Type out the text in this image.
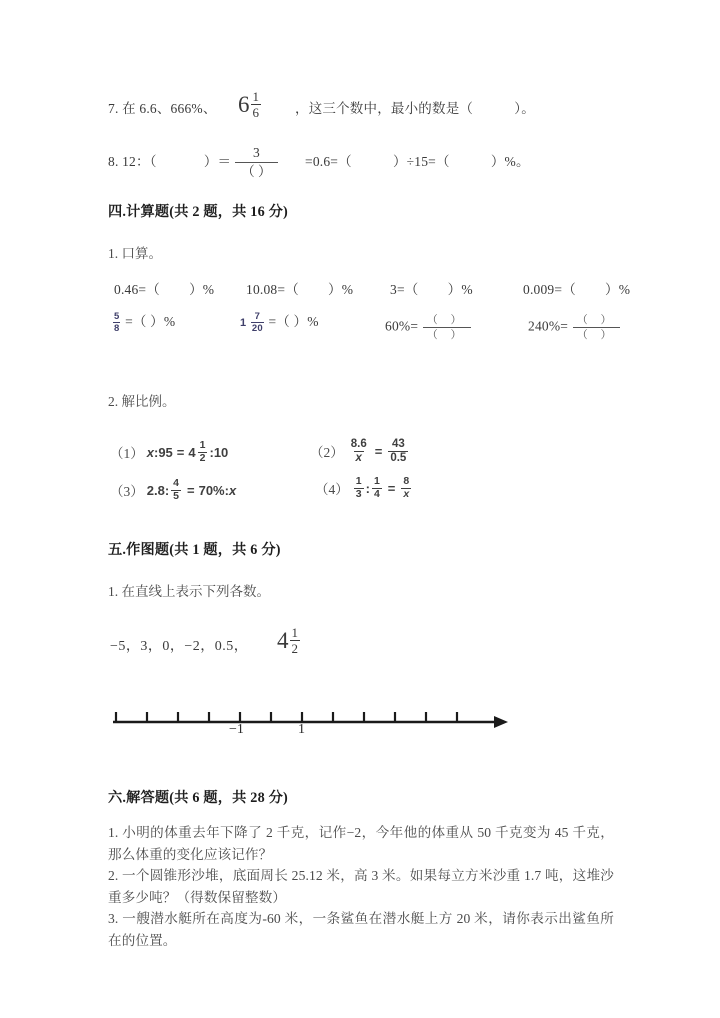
7. 在 6.6、666%、 $6 \frac{1}{6}$	，这三个数中，最小的数是（	）。
8. 12：（	）＝
3
（ ）
=0.6=（	）÷15=（	）%。
四.计算题(共 2 题，共 16 分)
1. 口算。
0.46=（ ）% 10.08=（ ）%	3=（ ）%	0.009=（ ）%
$\frac{5}{8}$ =（ ）%	$1 \frac{7}{20}$ =（ ）%	$60\%= \frac{( )}{( )}$	$240\%= \frac{( )}{( )}$
2. 解比例。
（1） x : $95 = 4 \frac{1}{2}$ : 10	$(2) \frac{8.6}{x} = \frac{43}{0.5}$
（3） 2.8: $\frac{4}{5} = 70\%$: x	$(4) \frac{1}{3}$ : $\frac{1}{4} = \frac{8}{x}$
五.作图题(共 1 题，共 6 分)
1. 在直线上表示下列各数。
−5，3，0，−2，0.5， $4 \frac{1}{2}$
−1	1
六.解答题(共 6 题，共 28 分)
1. 小明的体重去年下降了 2 千克，记作−2，今年他的体重从 50 千克变为 45 千克，那么体重的变化应该记作？
2. 一个圆锥形沙堆，底面周长 25.12 米，高 3 米。如果每立方米沙重 1.7 吨，这堆沙重多少吨？（得数保留整数）
3. 一艘潜水艇所在高度为-60 米，一条鲨鱼在潜水艇上方 20 米，请你表示出鲨鱼所在的位置。
